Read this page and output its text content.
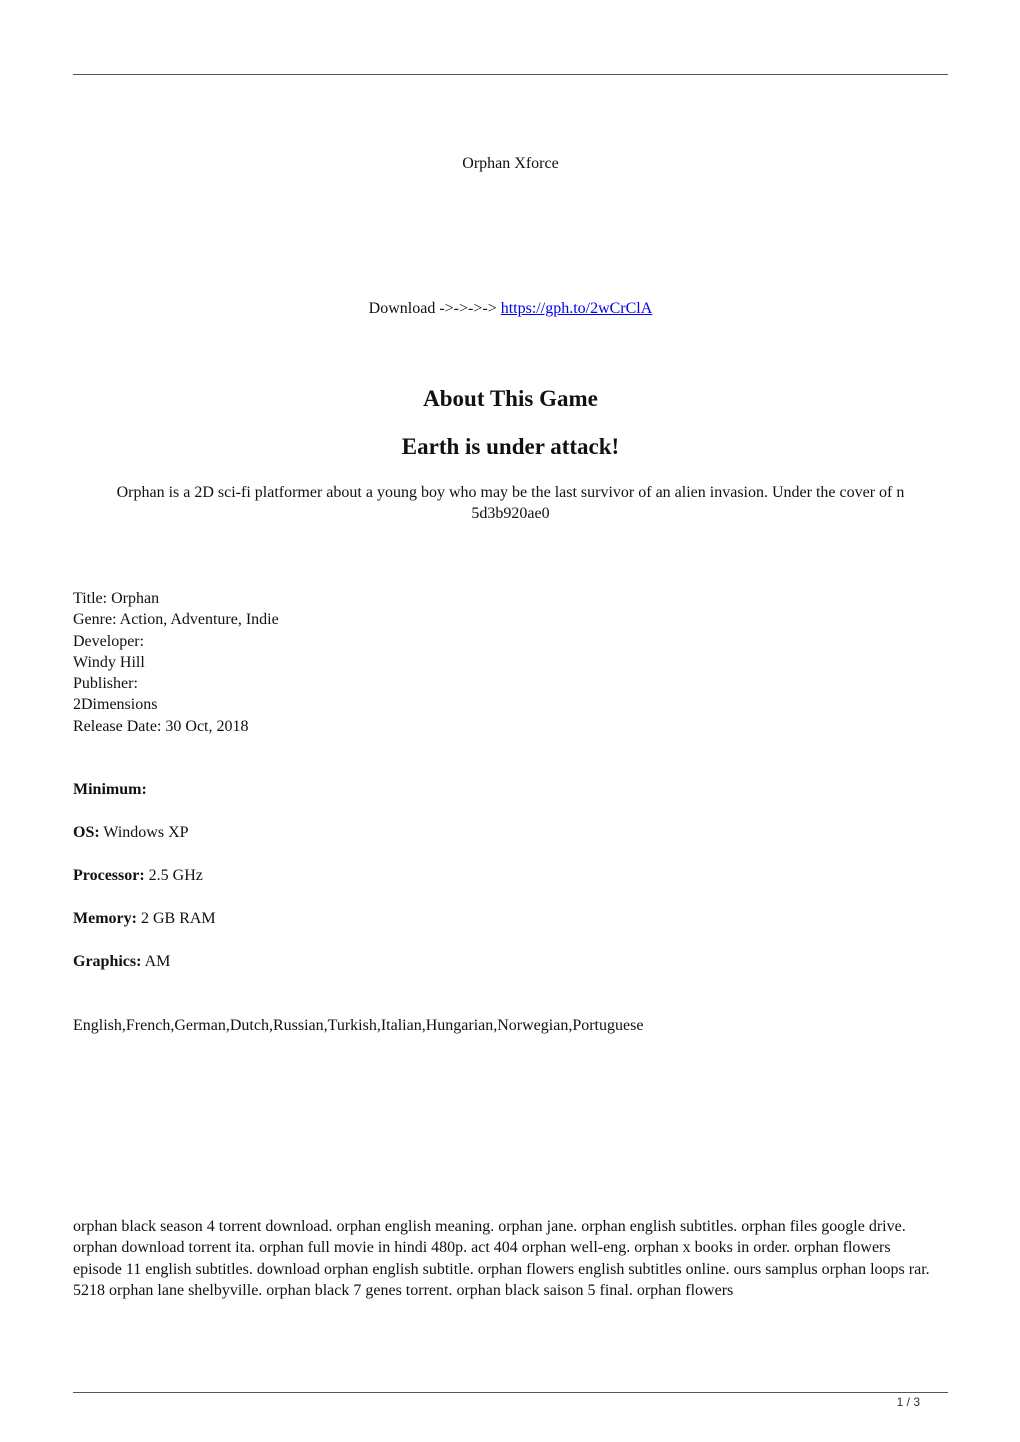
Orphan Xforce
Download ->->->-> https://gph.to/2wCrClA
About This Game
Earth is under attack!
Orphan is a 2D sci-fi platformer about a young boy who may be the last survivor of an alien invasion. Under the cover of n
5d3b920ae0
Title: Orphan
Genre: Action, Adventure, Indie
Developer:
Windy Hill
Publisher:
2Dimensions
Release Date: 30 Oct, 2018
Minimum:
OS: Windows XP
Processor: 2.5 GHz
Memory: 2 GB RAM
Graphics: AM
English,French,German,Dutch,Russian,Turkish,Italian,Hungarian,Norwegian,Portuguese
orphan black season 4 torrent download. orphan english meaning. orphan jane. orphan english subtitles. orphan files google drive. orphan download torrent ita. orphan full movie in hindi 480p. act 404 orphan well-eng. orphan x books in order. orphan flowers episode 11 english subtitles. download orphan english subtitle. orphan flowers english subtitles online. ours samplus orphan loops rar. 5218 orphan lane shelbyville. orphan black 7 genes torrent. orphan black saison 5 final. orphan flowers
1 / 3
